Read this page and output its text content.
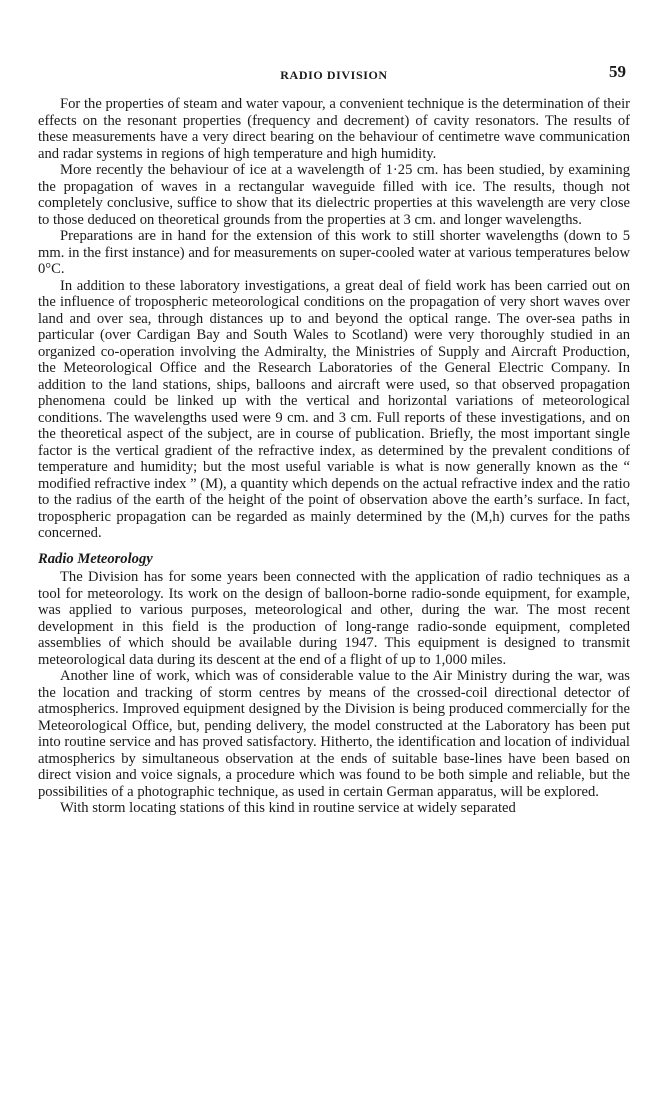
RADIO DIVISION	59

For the properties of steam and water vapour, a convenient technique is the determination of their effects on the resonant properties (frequency and decrement) of cavity resonators. The results of these measurements have a very direct bearing on the behaviour of centimetre wave communication and radar systems in regions of high temperature and high humidity.

More recently the behaviour of ice at a wavelength of 1·25 cm. has been studied, by examining the propagation of waves in a rectangular waveguide filled with ice. The results, though not completely conclusive, suffice to show that its dielectric properties at this wavelength are very close to those deduced on theoretical grounds from the properties at 3 cm. and longer wavelengths.

Preparations are in hand for the extension of this work to still shorter wavelengths (down to 5 mm. in the first instance) and for measurements on super-cooled water at various temperatures below 0°C.

In addition to these laboratory investigations, a great deal of field work has been carried out on the influence of tropospheric meteorological conditions on the propagation of very short waves over land and over sea, through distances up to and beyond the optical range. The over-sea paths in particular (over Cardigan Bay and South Wales to Scotland) were very thoroughly studied in an organized co-operation involving the Admiralty, the Ministries of Supply and Aircraft Production, the Meteorological Office and the Research Laboratories of the General Electric Company. In addition to the land stations, ships, balloons and aircraft were used, so that observed propagation phenomena could be linked up with the vertical and horizontal variations of meteorological conditions. The wavelengths used were 9 cm. and 3 cm. Full reports of these investigations, and on the theoretical aspect of the subject, are in course of publication. Briefly, the most important single factor is the vertical gradient of the refractive index, as determined by the prevalent conditions of temperature and humidity; but the most useful variable is what is now generally known as the “ modified refractive index ” (M), a quantity which depends on the actual refractive index and the ratio to the radius of the earth of the height of the point of observation above the earth’s surface. In fact, tropospheric propagation can be regarded as mainly determined by the (M,h) curves for the paths concerned.

Radio Meteorology

The Division has for some years been connected with the application of radio techniques as a tool for meteorology. Its work on the design of balloon-borne radio-sonde equipment, for example, was applied to various purposes, meteorological and other, during the war. The most recent development in this field is the production of long-range radio-sonde equipment, completed assemblies of which should be available during 1947. This equipment is designed to transmit meteorological data during its descent at the end of a flight of up to 1,000 miles.

Another line of work, which was of considerable value to the Air Ministry during the war, was the location and tracking of storm centres by means of the crossed-coil directional detector of atmospherics. Improved equipment designed by the Division is being produced commercially for the Meteorological Office, but, pending delivery, the model constructed at the Laboratory has been put into routine service and has proved satisfactory. Hitherto, the identification and location of individual atmospherics by simultaneous observation at the ends of suitable base-lines have been based on direct vision and voice signals, a procedure which was found to be both simple and reliable, but the possibilities of a photographic technique, as used in certain German apparatus, will be explored.

With storm locating stations of this kind in routine service at widely separated
